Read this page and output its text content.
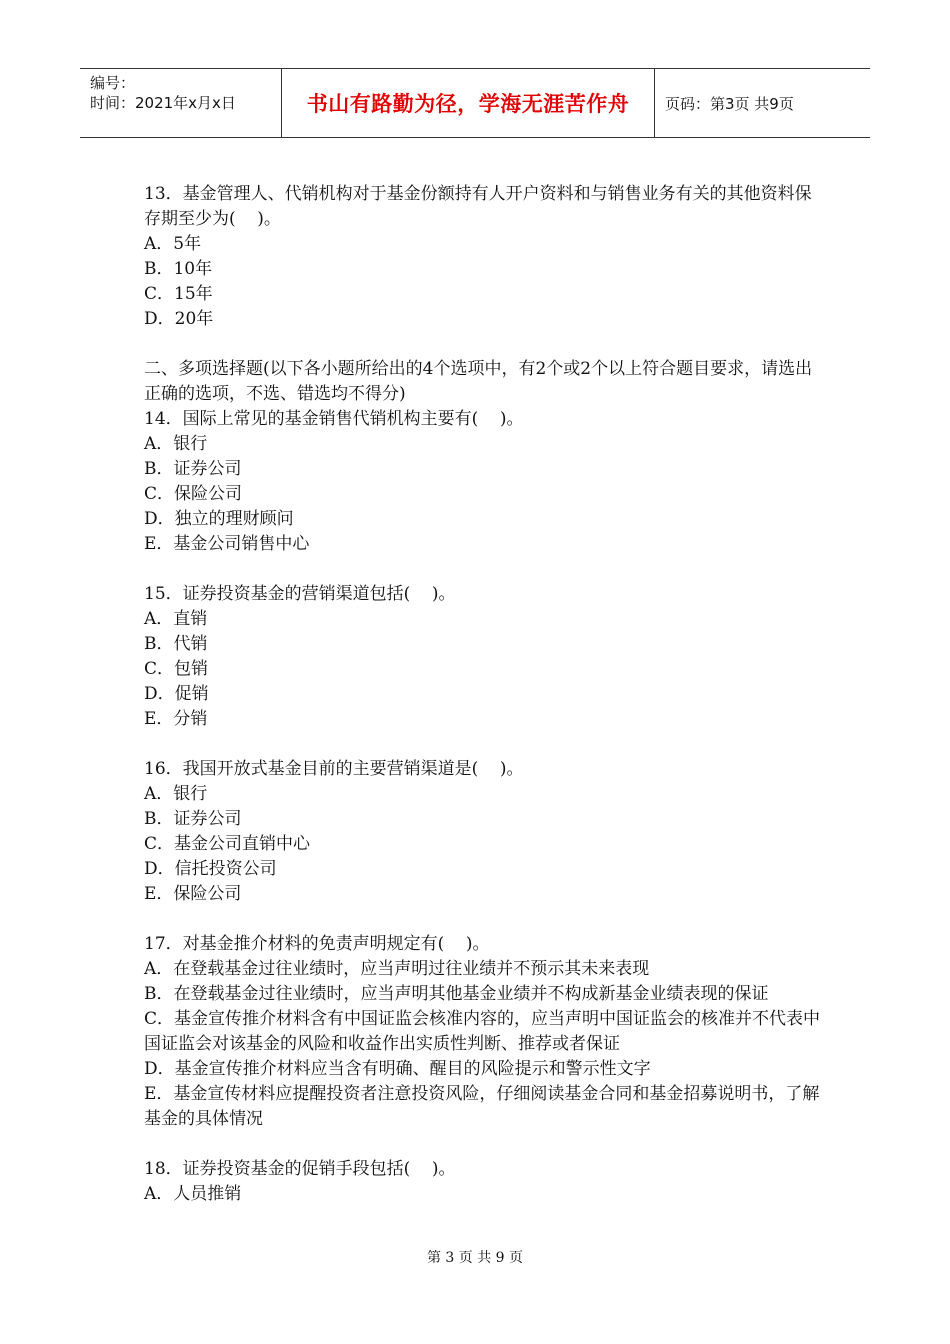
编号：
时间：2021年x月x日	书山有路勤为径，学海无涯苦作舟	页码：第3页 共9页
13．基金管理人、代销机构对于基金份额持有人开户资料和与销售业务有关的其他资料保存期至少为(    )。
A．5年
B．10年
C．15年
D．20年
二、多项选择题(以下各小题所给出的4个选项中，有2个或2个以上符合题目要求，请选出正确的选项，不选、错选均不得分)
14．国际上常见的基金销售代销机构主要有(    )。
A．银行
B．证券公司
C．保险公司
D．独立的理财顾问
E．基金公司销售中心
15．证券投资基金的营销渠道包括(    )。
A．直销
B．代销
C．包销
D．促销
E．分销
16．我国开放式基金目前的主要营销渠道是(    )。
A．银行
B．证券公司
C．基金公司直销中心
D．信托投资公司
E．保险公司
17．对基金推介材料的免责声明规定有(    )。
A．在登载基金过往业绩时，应当声明过往业绩并不预示其未来表现
B．在登载基金过往业绩时，应当声明其他基金业绩并不构成新基金业绩表现的保证
C．基金宣传推介材料含有中国证监会核准内容的，应当声明中国证监会的核准并不代表中国证监会对该基金的风险和收益作出实质性判断、推荐或者保证
D．基金宣传推介材料应当含有明确、醒目的风险提示和警示性文字
E．基金宣传材料应提醒投资者注意投资风险，仔细阅读基金合同和基金招募说明书，了解基金的具体情况
18．证券投资基金的促销手段包括(    )。
A．人员推销
第 3 页 共 9 页
